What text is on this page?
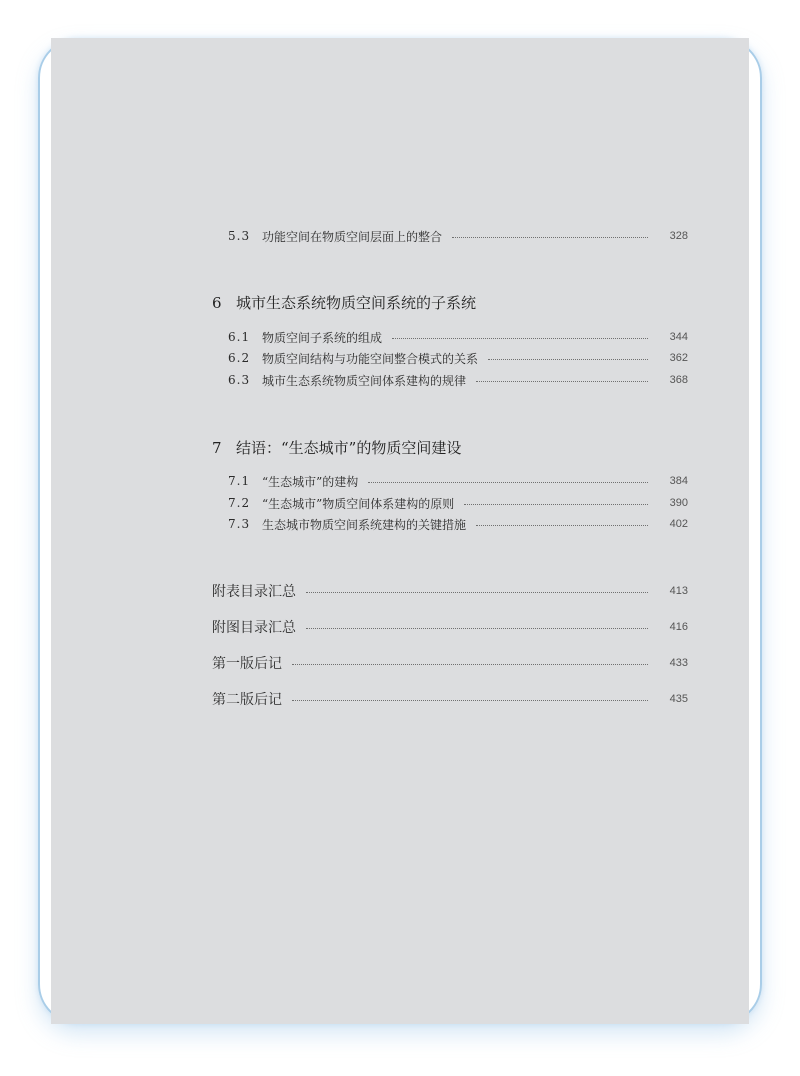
5.3 功能空间在物质空间层面上的整合	328
6 城市生态系统物质空间系统的子系统
6.1 物质空间子系统的组成	344
6.2 物质空间结构与功能空间整合模式的关系	362
6.3 城市生态系统物质空间体系建构的规律	368
7 结语：“生态城市”的物质空间建设
7.1 “生态城市”的建构	384
7.2 “生态城市”物质空间体系建构的原则	390
7.3 生态城市物质空间系统建构的关键措施	402
附表目录汇总	413
附图目录汇总	416
第一版后记	433
第二版后记	435
